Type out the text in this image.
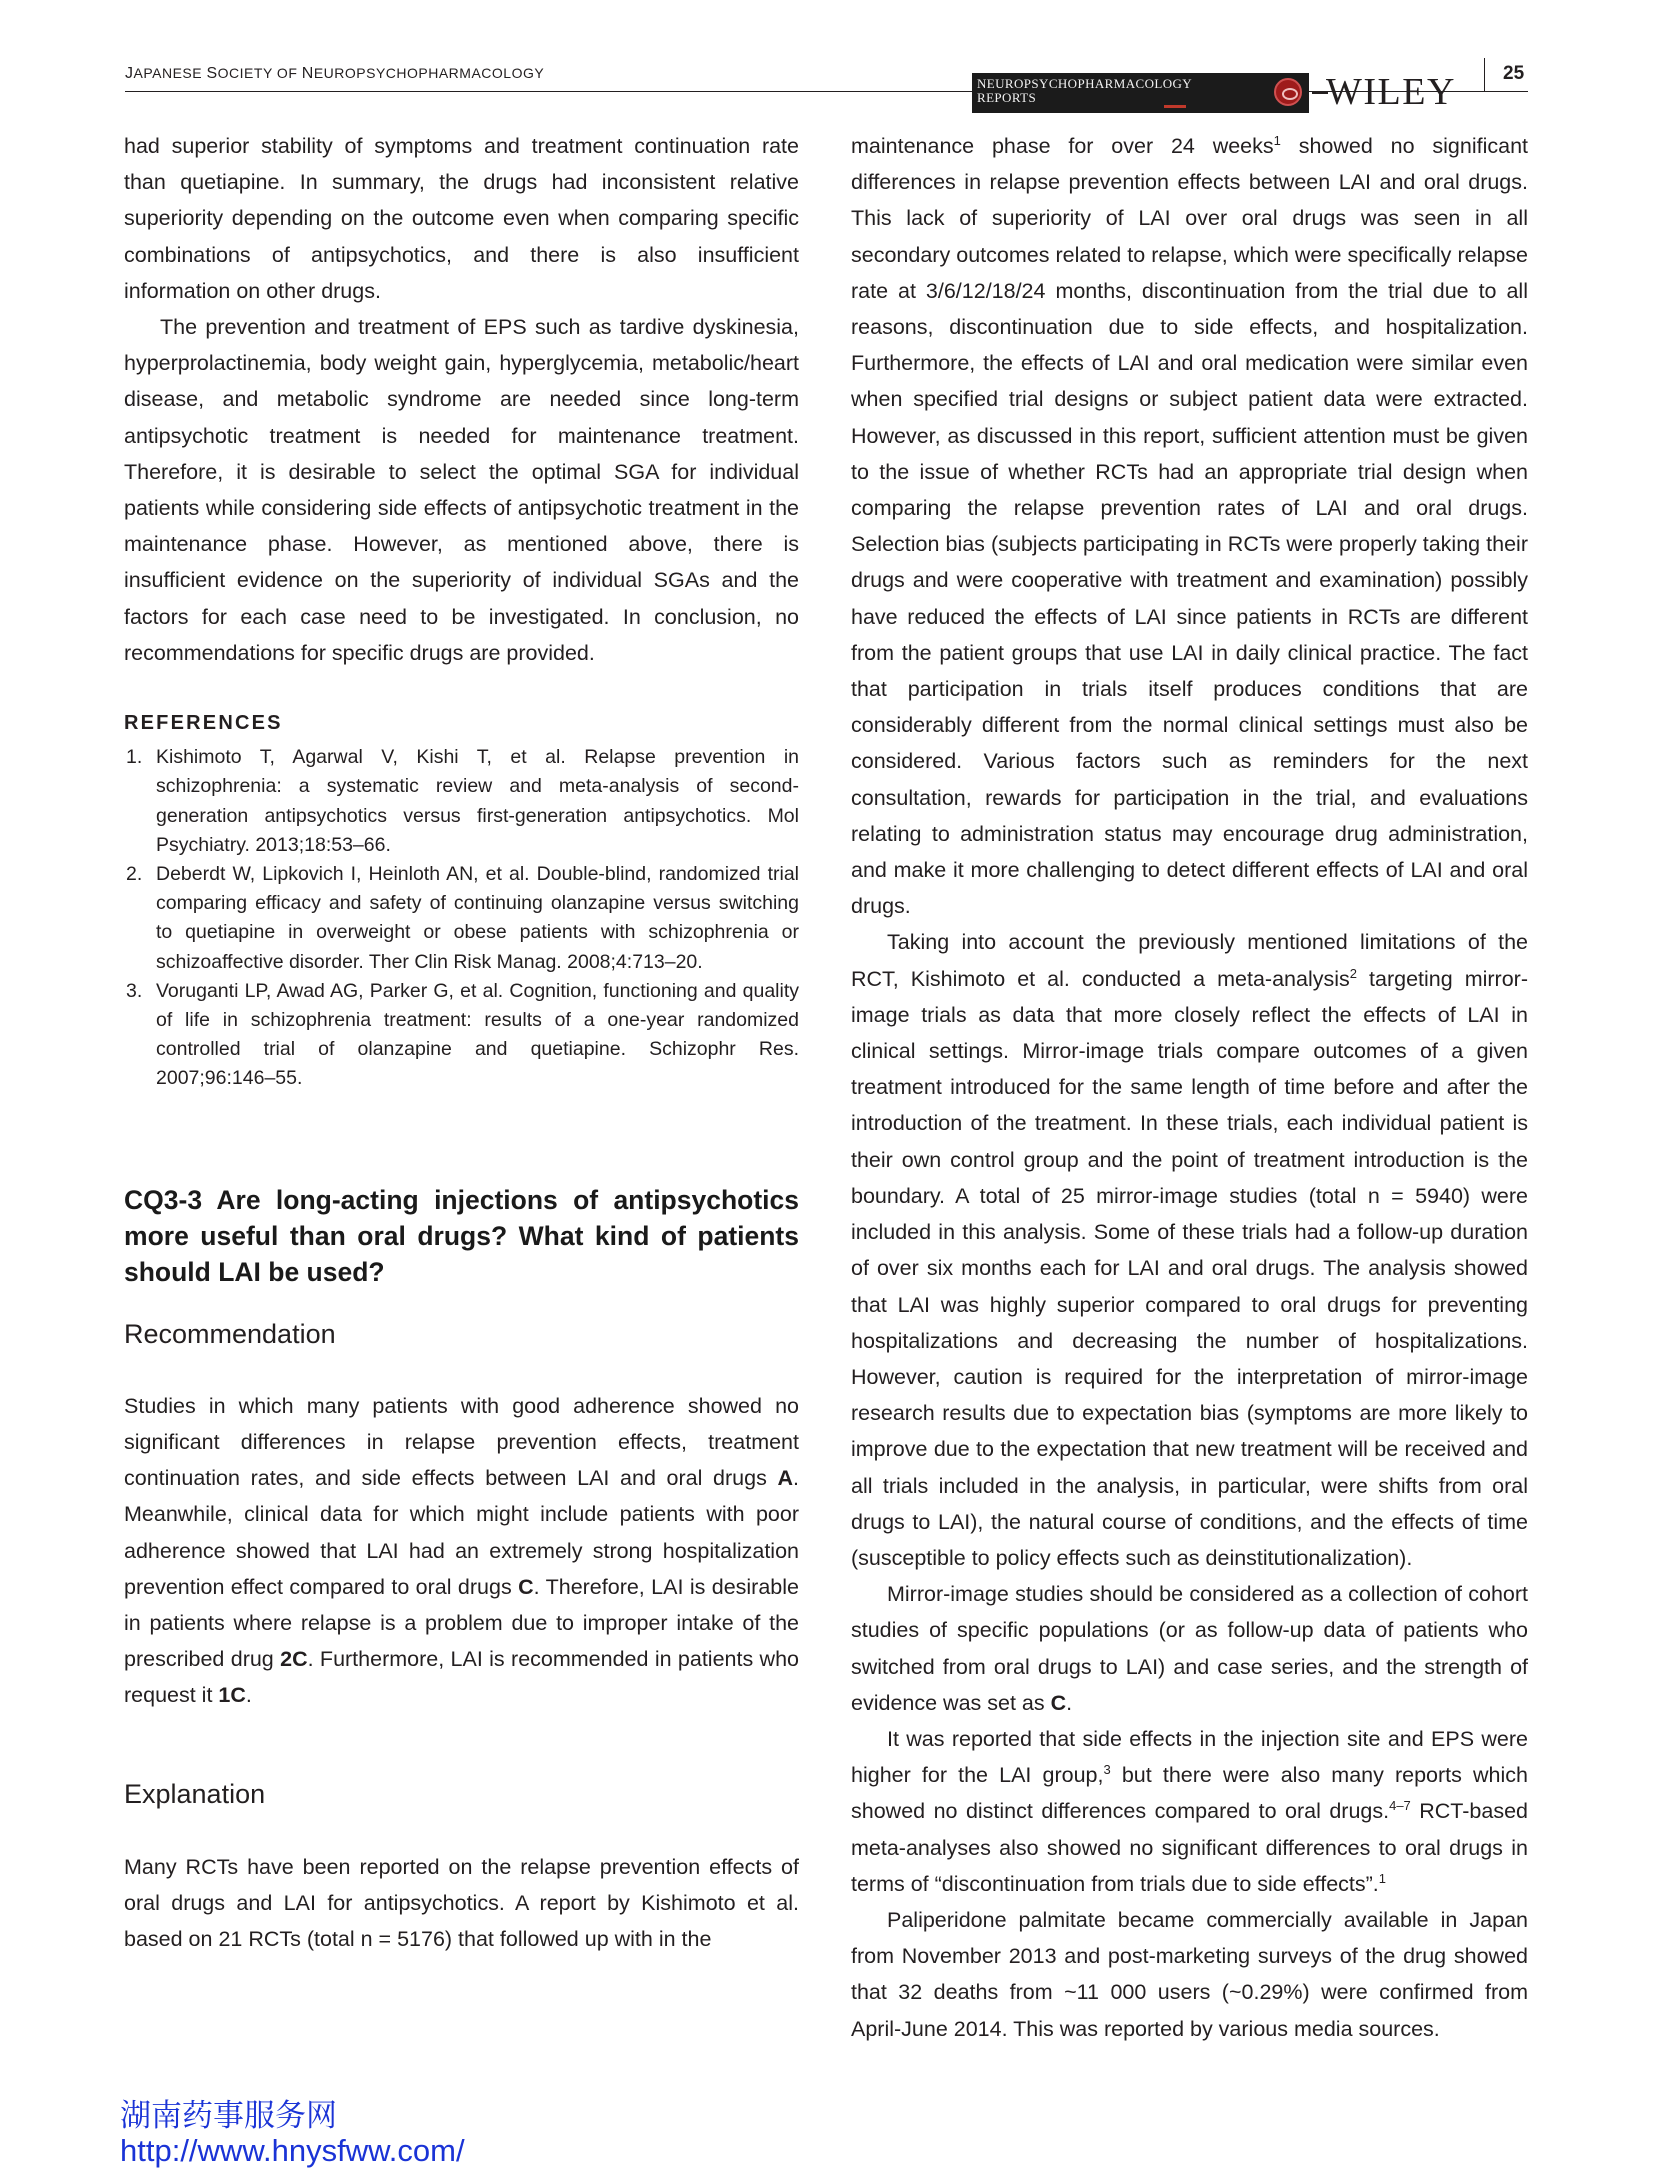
JAPANESE SOCIETY OF NEUROPSYCHOPHARMACOLOGY
NEUROPSYCHOPHARMACOLOGY
REPORTS	WILEY 25

had superior stability of symptoms and treatment continuation rate than quetiapine. In summary, the drugs had inconsistent relative superiority depending on the outcome even when comparing specific combinations of antipsychotics, and there is also insufficient information on other drugs.

The prevention and treatment of EPS such as tardive dyskinesia, hyperprolactinemia, body weight gain, hyperglycemia, metabolic/heart disease, and metabolic syndrome are needed since long-term antipsychotic treatment is needed for maintenance treatment. Therefore, it is desirable to select the optimal SGA for individual patients while considering side effects of antipsychotic treatment in the maintenance phase. However, as mentioned above, there is insufficient evidence on the superiority of individual SGAs and the factors for each case need to be investigated. In conclusion, no recommendations for specific drugs are provided.

REFERENCES

1. Kishimoto T, Agarwal V, Kishi T, et al. Relapse prevention in schizophrenia: a systematic review and meta-analysis of second-generation antipsychotics versus first-generation antipsychotics. Mol Psychiatry. 2013;18:53–66.
2. Deberdt W, Lipkovich I, Heinloth AN, et al. Double-blind, randomized trial comparing efficacy and safety of continuing olanzapine versus switching to quetiapine in overweight or obese patients with schizophrenia or schizoaffective disorder. Ther Clin Risk Manag. 2008;4:713–20.
3. Voruganti LP, Awad AG, Parker G, et al. Cognition, functioning and quality of life in schizophrenia treatment: results of a one-year randomized controlled trial of olanzapine and quetiapine. Schizophr Res. 2007;96:146–55.

CQ3-3 Are long-acting injections of antipsychotics more useful than oral drugs? What kind of patients should LAI be used?

Recommendation

Studies in which many patients with good adherence showed no significant differences in relapse prevention effects, treatment continuation rates, and side effects between LAI and oral drugs A. Meanwhile, clinical data for which might include patients with poor adherence showed that LAI had an extremely strong hospitalization prevention effect compared to oral drugs C. Therefore, LAI is desirable in patients where relapse is a problem due to improper intake of the prescribed drug 2C. Furthermore, LAI is recommended in patients who request it 1C.

Explanation

Many RCTs have been reported on the relapse prevention effects of oral drugs and LAI for antipsychotics. A report by Kishimoto et al. based on 21 RCTs (total n = 5176) that followed up with in the

maintenance phase for over 24 weeks$^1$ showed no significant differences in relapse prevention effects between LAI and oral drugs. This lack of superiority of LAI over oral drugs was seen in all secondary outcomes related to relapse, which were specifically relapse rate at 3/6/12/18/24 months, discontinuation from the trial due to all reasons, discontinuation due to side effects, and hospitalization. Furthermore, the effects of LAI and oral medication were similar even when specified trial designs or subject patient data were extracted. However, as discussed in this report, sufficient attention must be given to the issue of whether RCTs had an appropriate trial design when comparing the relapse prevention rates of LAI and oral drugs. Selection bias (subjects participating in RCTs were properly taking their drugs and were cooperative with treatment and examination) possibly have reduced the effects of LAI since patients in RCTs are different from the patient groups that use LAI in daily clinical practice. The fact that participation in trials itself produces conditions that are considerably different from the normal clinical settings must also be considered. Various factors such as reminders for the next consultation, rewards for participation in the trial, and evaluations relating to administration status may encourage drug administration, and make it more challenging to detect different effects of LAI and oral drugs.

Taking into account the previously mentioned limitations of the RCT, Kishimoto et al. conducted a meta-analysis$^2$ targeting mirror-image trials as data that more closely reflect the effects of LAI in clinical settings. Mirror-image trials compare outcomes of a given treatment introduced for the same length of time before and after the introduction of the treatment. In these trials, each individual patient is their own control group and the point of treatment introduction is the boundary. A total of 25 mirror-image studies (total n = 5940) were included in this analysis. Some of these trials had a follow-up duration of over six months each for LAI and oral drugs. The analysis showed that LAI was highly superior compared to oral drugs for preventing hospitalizations and decreasing the number of hospitalizations. However, caution is required for the interpretation of mirror-image research results due to expectation bias (symptoms are more likely to improve due to the expectation that new treatment will be received and all trials included in the analysis, in particular, were shifts from oral drugs to LAI), the natural course of conditions, and the effects of time (susceptible to policy effects such as deinstitutionalization).

Mirror-image studies should be considered as a collection of cohort studies of specific populations (or as follow-up data of patients who switched from oral drugs to LAI) and case series, and the strength of evidence was set as C.

It was reported that side effects in the injection site and EPS were higher for the LAI group,$^3$ but there were also many reports which showed no distinct differences compared to oral drugs.$^{4-7}$ RCT-based meta-analyses also showed no significant differences to oral drugs in terms of “discontinuation from trials due to side effects”.$^1$

Paliperidone palmitate became commercially available in Japan from November 2013 and post-marketing surveys of the drug showed that 32 deaths from ~11 000 users (~0.29%) were confirmed from April-June 2014. This was reported by various media sources.

湖南药事服务网
http://www.hnysfww.com/
